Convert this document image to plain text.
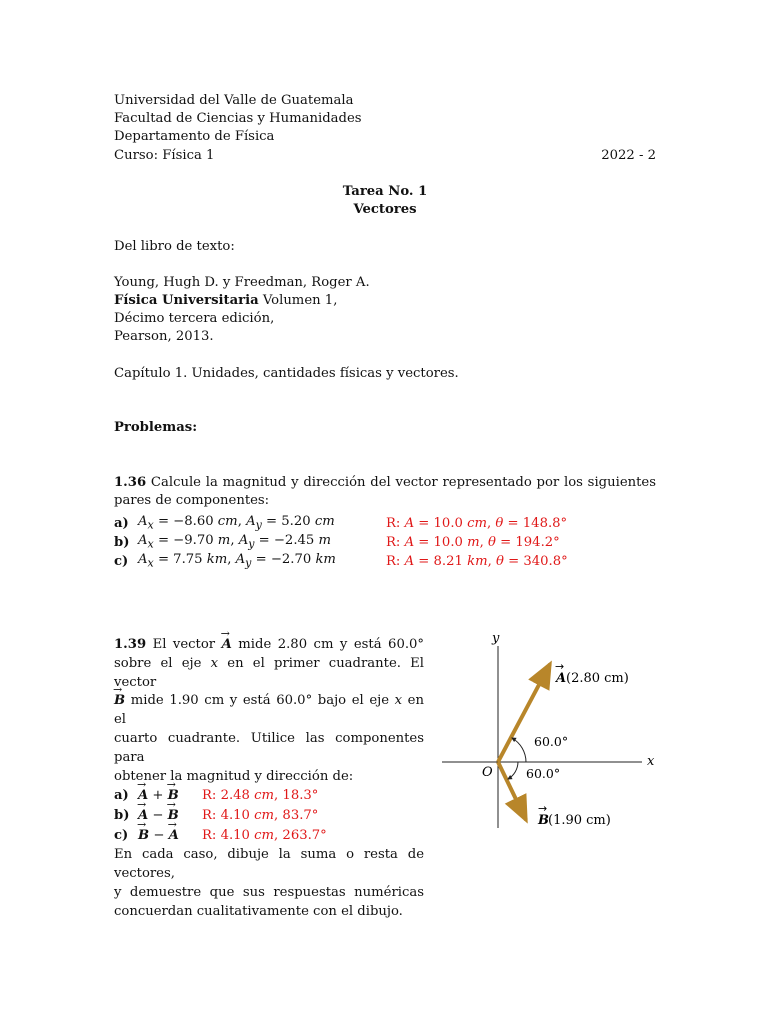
Universidad del Valle de Guatemala
Facultad de Ciencias y Humanidades
Departamento de Física
Curso: Física 1	2022 - 2
Tarea No. 1
Vectores
Del libro de texto:
Young, Hugh D. y Freedman, Roger A.
Física Universitaria Volumen 1,
Décimo tercera edición,
Pearson, 2013.
Capítulo 1. Unidades, cantidades físicas y vectores.
Problemas:
1.36 Calcule la magnitud y dirección del vector representado por los siguientes
pares de componentes:
a) $A_x = -8.60$ cm, $A_y = 5.20$ cm	R: A = 10.0 cm, θ = 148.8°
b) $A_x = -9.70$ m, $A_y = -2.45$ m	R: A = 10.0 m, θ = 194.2°
c) $A_x = 7.75$ km, $A_y = -2.70$ km	R: A = 8.21 km, θ = 340.8°
1.39 El vector → A mide 2.80 cm y está 60.0°
sobre el eje x en el primer cuadrante. El vector
→ B mide 1.90 cm y está 60.0° bajo el eje x en el
cuarto cuadrante. Utilice las componentes para
obtener la magnitud y dirección de:
a) → A + → B	R: 2.48 cm, 18.3°
b) → A − → B	R: 4.10 cm, 83.7°
c) → B − → A	R: 4.10 cm, 263.7°
En cada caso, dibuje la suma o resta de vectores,
y demuestre que sus respuestas numéricas
concuerdan cualitativamente con el dibujo.
y
x
O
60.0°
60.0°
→
A (2.80 cm)
→
B (1.90 cm)
